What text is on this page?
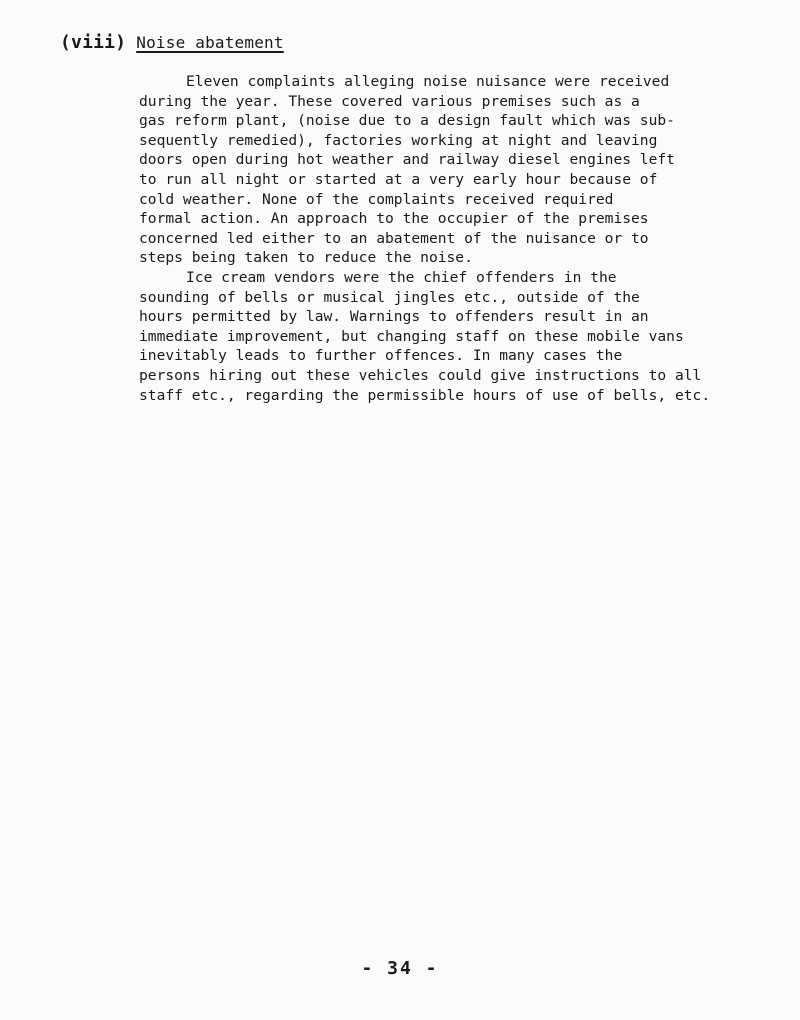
(viii) Noise abatement
Eleven complaints alleging noise nuisance were received
during the year. These covered various premises such as a
gas reform plant, (noise due to a design fault which was sub-
sequently remedied), factories working at night and leaving
doors open during hot weather and railway diesel engines left
to run all night or started at a very early hour because of
cold weather. None of the complaints received required
formal action. An approach to the occupier of the premises
concerned led either to an abatement of the nuisance or to
steps being taken to reduce the noise.
Ice cream vendors were the chief offenders in the
sounding of bells or musical jingles etc., outside of the
hours permitted by law. Warnings to offenders result in an
immediate improvement, but changing staff on these mobile vans
inevitably leads to further offences. In many cases the
persons hiring out these vehicles could give instructions to all
staff etc., regarding the permissible hours of use of bells, etc.
- 34 -
